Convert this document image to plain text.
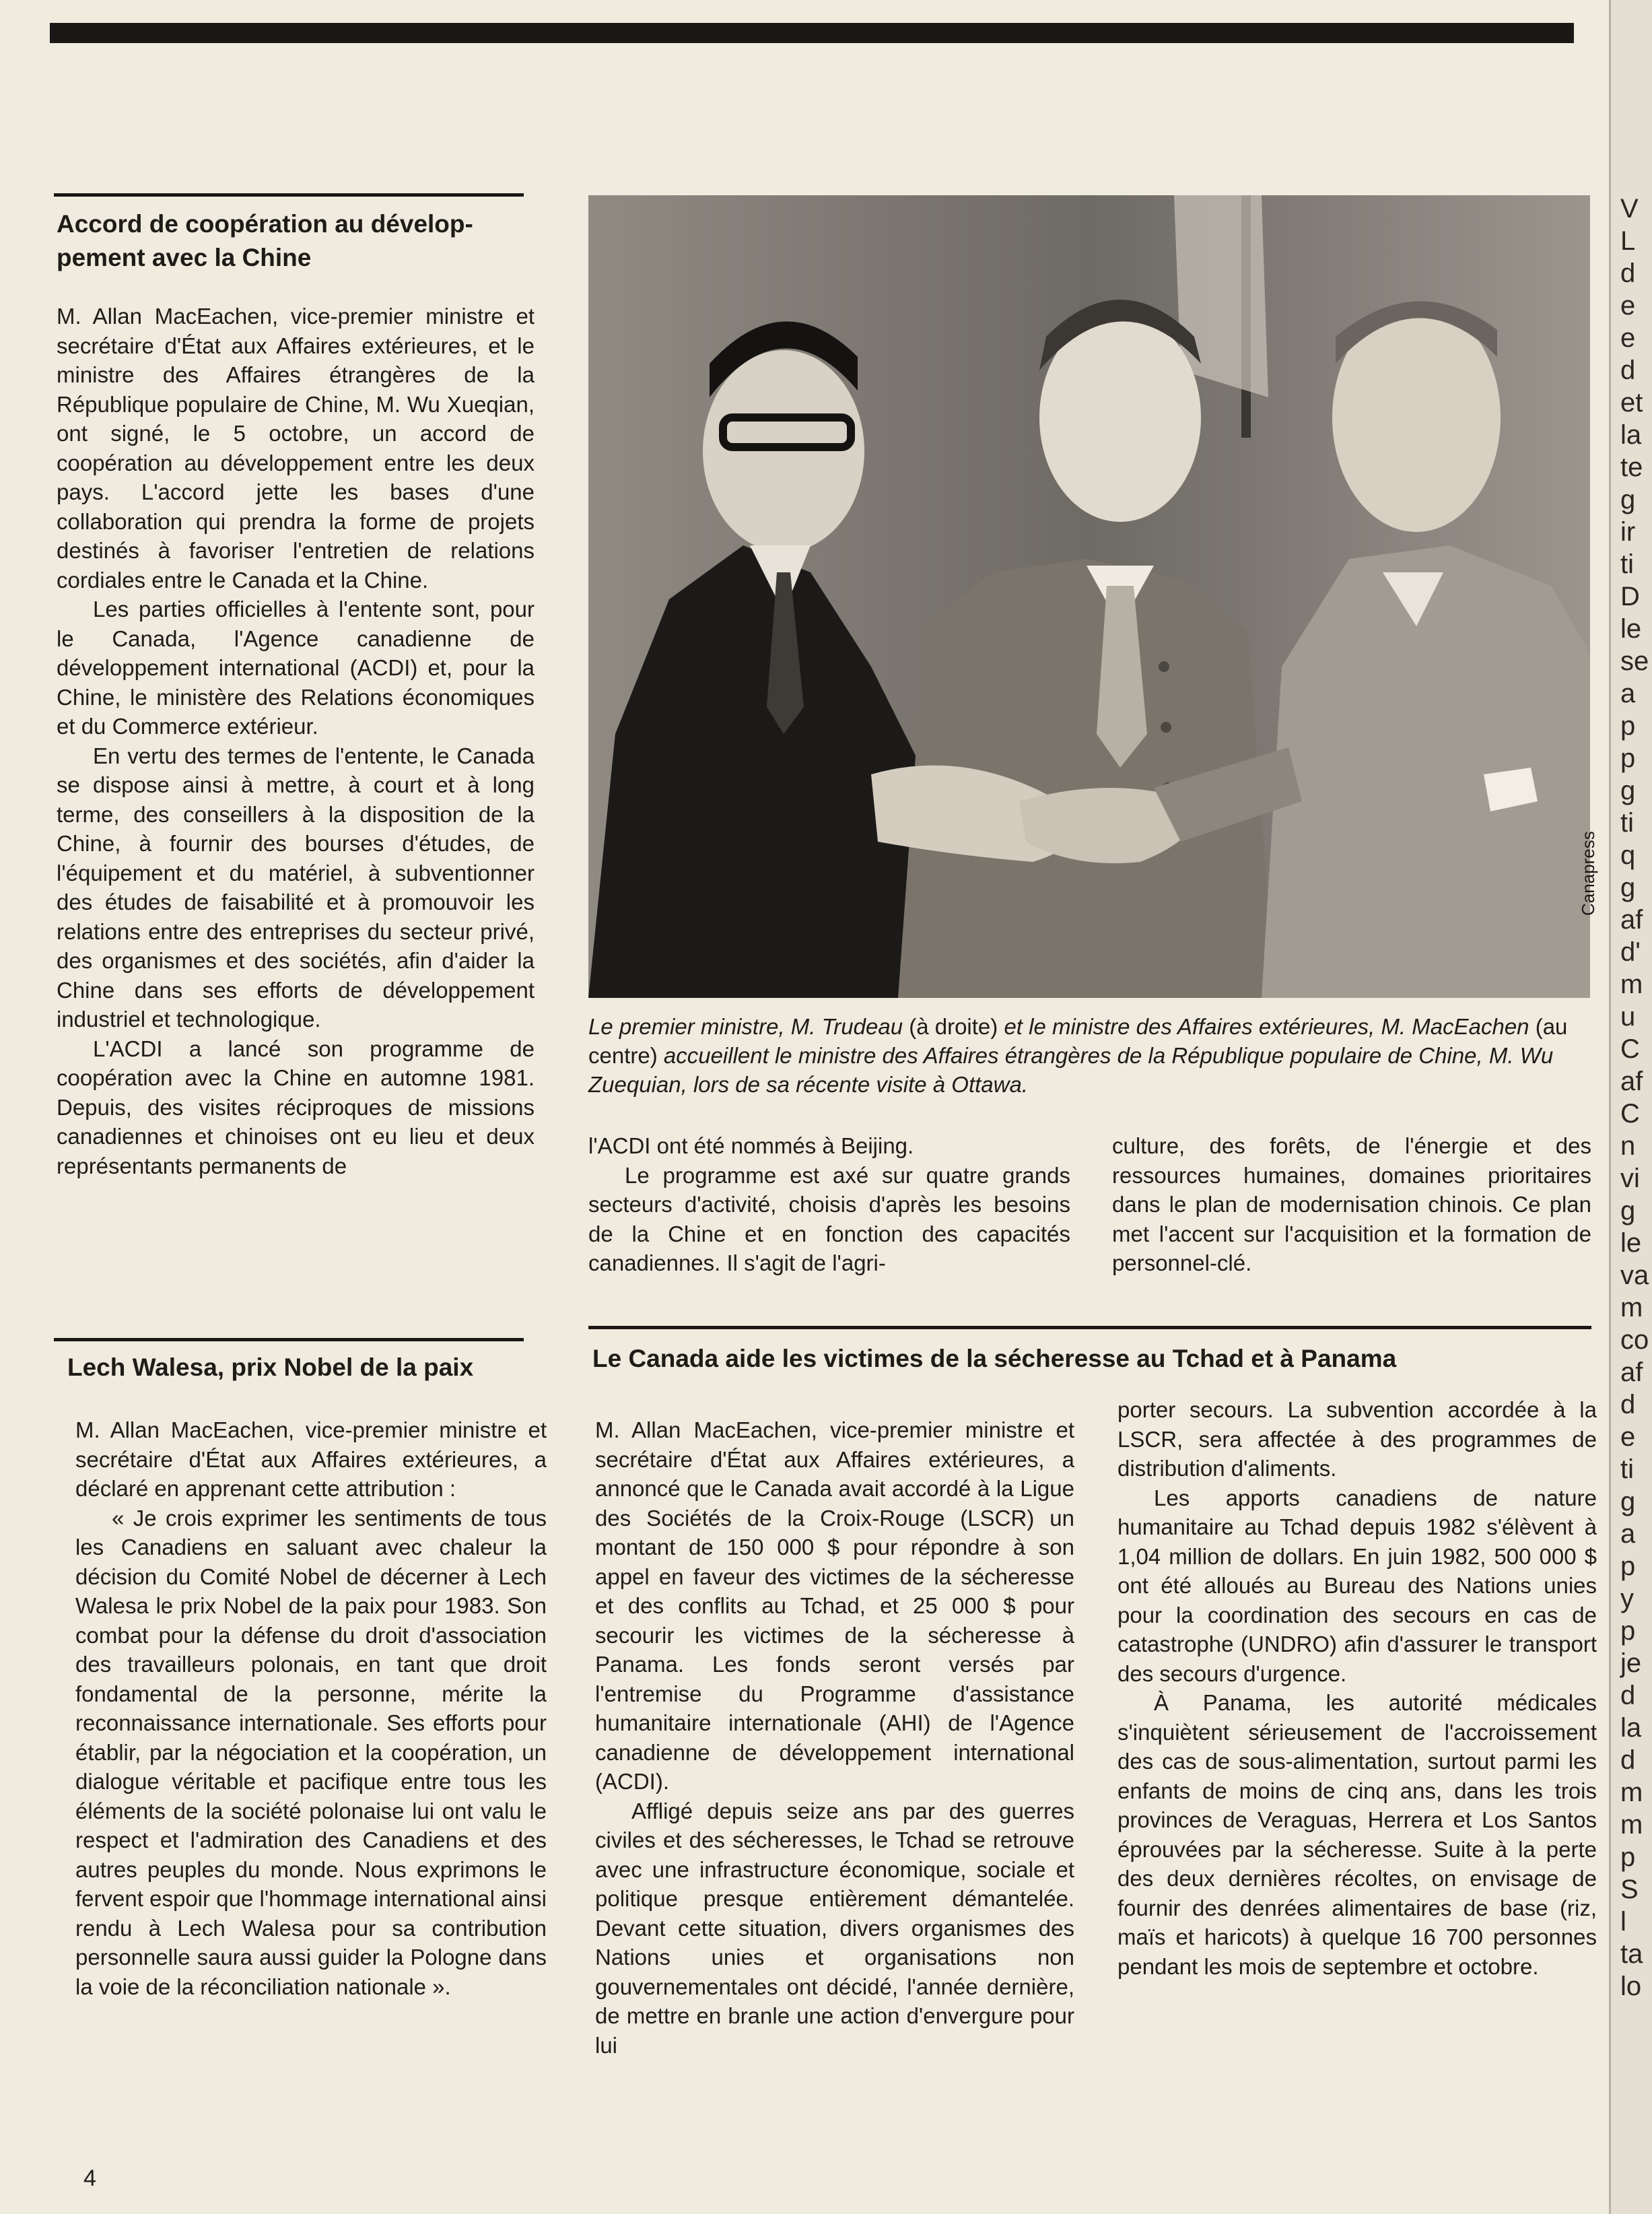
Accord de coopération au dévelop-
pement avec la Chine

M. Allan MacEachen, vice-premier ministre et secrétaire d'État aux Affaires extérieures, et le ministre des Affaires étrangères de la République populaire de Chine, M. Wu Xueqian, ont signé, le 5 octobre, un accord de coopération au développement entre les deux pays. L'accord jette les bases d'une collaboration qui prendra la forme de projets destinés à favoriser l'entretien de relations cordiales entre le Canada et la Chine.

Les parties officielles à l'entente sont, pour le Canada, l'Agence canadienne de développement international (ACDI) et, pour la Chine, le ministère des Relations économiques et du Commerce extérieur.

En vertu des termes de l'entente, le Canada se dispose ainsi à mettre, à court et à long terme, des conseillers à la disposition de la Chine, à fournir des bourses d'études, de l'équipement et du matériel, à subventionner des études de faisabilité et à promouvoir les relations entre des entreprises du secteur privé, des organismes et des sociétés, afin d'aider la Chine dans ses efforts de développement industriel et technologique.

L'ACDI a lancé son programme de coopération avec la Chine en automne 1981. Depuis, des visites réciproques de missions canadiennes et chinoises ont eu lieu et deux représentants permanents de

Canapress

Le premier ministre, M. Trudeau (à droite) et le ministre des Affaires extérieures, M. MacEachen (au centre) accueillent le ministre des Affaires étrangères de la République populaire de Chine, M. Wu Zuequian, lors de sa récente visite à Ottawa.

l'ACDI ont été nommés à Beijing.

Le programme est axé sur quatre grands secteurs d'activité, choisis d'après les besoins de la Chine et en fonction des capacités canadiennes. Il s'agit de l'agri-

culture, des forêts, de l'énergie et des ressources humaines, domaines prioritaires dans le plan de modernisation chinois. Ce plan met l'accent sur l'acquisition et la formation de personnel-clé.

Lech Walesa, prix Nobel de la paix

M. Allan MacEachen, vice-premier ministre et secrétaire d'État aux Affaires extérieures, a déclaré en apprenant cette attribution :

« Je crois exprimer les sentiments de tous les Canadiens en saluant avec chaleur la décision du Comité Nobel de décerner à Lech Walesa le prix Nobel de la paix pour 1983. Son combat pour la défense du droit d'association des travailleurs polonais, en tant que droit fondamental de la personne, mérite la reconnaissance internationale. Ses efforts pour établir, par la négociation et la coopération, un dialogue véritable et pacifique entre tous les éléments de la société polonaise lui ont valu le respect et l'admiration des Canadiens et des autres peuples du monde. Nous exprimons le fervent espoir que l'hommage international ainsi rendu à Lech Walesa pour sa contribution personnelle saura aussi guider la Pologne dans la voie de la réconciliation nationale ».

Le Canada aide les victimes de la sécheresse au Tchad et à Panama

M. Allan MacEachen, vice-premier ministre et secrétaire d'État aux Affaires extérieures, a annoncé que le Canada avait accordé à la Ligue des Sociétés de la Croix-Rouge (LSCR) un montant de 150 000 $ pour répondre à son appel en faveur des victimes de la sécheresse et des conflits au Tchad, et 25 000 $ pour secourir les victimes de la sécheresse à Panama. Les fonds seront versés par l'entremise du Programme d'assistance humanitaire internationale (AHI) de l'Agence canadienne de développement international (ACDI).

Affligé depuis seize ans par des guerres civiles et des sécheresses, le Tchad se retrouve avec une infrastructure économique, sociale et politique presque entièrement démantelée. Devant cette situation, divers organismes des Nations unies et organisations non gouvernementales ont décidé, l'année dernière, de mettre en branle une action d'envergure pour lui

porter secours. La subvention accordée à la LSCR, sera affectée à des programmes de distribution d'aliments.

Les apports canadiens de nature humanitaire au Tchad depuis 1982 s'élèvent à 1,04 million de dollars. En juin 1982, 500 000 $ ont été alloués au Bureau des Nations unies pour la coordination des secours en cas de catastrophe (UNDRO) afin d'assurer le transport des secours d'urgence.

À Panama, les autorité médicales s'inquiètent sérieusement de l'accroissement des cas de sous-alimentation, surtout parmi les enfants de moins de cinq ans, dans les trois provinces de Veraguas, Herrera et Los Santos éprouvées par la sécheresse. Suite à la perte des deux dernières récoltes, on envisage de fournir des denrées alimentaires de base (riz, maïs et haricots) à quelque 16 700 personnes pendant les mois de septembre et octobre.

4
V
L
d
e
e
d
et
la
te
g
ir
ti
D
le
se
a
p
p
g
ti
q
g
af
d'
m
u
C
af
C
n
vi
g
le
va
m
co
af
d
e
ti
g
a
p
y
p
je
d
la
d
m
m
p
S
l
ta
lo
